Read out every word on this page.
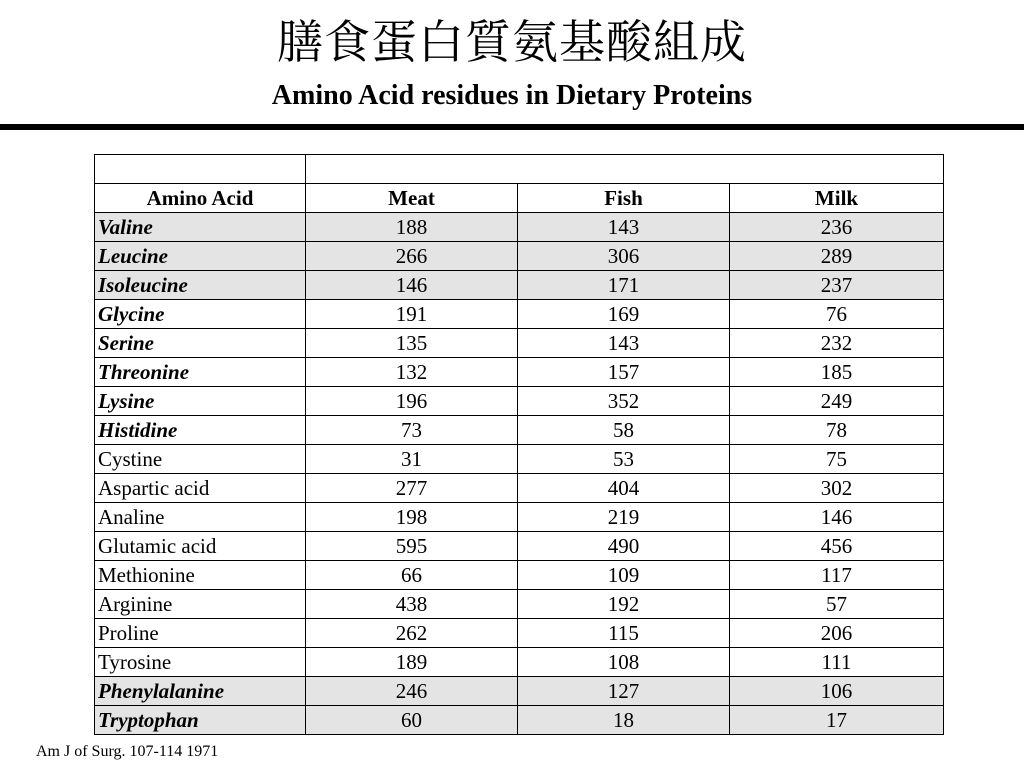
膳食蛋白質氨基酸組成
Amino Acid residues in Dietary Proteins

Amino Acid	Meat	Fish	Milk
Valine	188	143	236
Leucine	266	306	289
Isoleucine	146	171	237
Glycine	191	169	76
Serine	135	143	232
Threonine	132	157	185
Lysine	196	352	249
Histidine	73	58	78
Cystine	31	53	75
Aspartic acid	277	404	302
Analine	198	219	146
Glutamic acid	595	490	456
Methionine	66	109	117
Arginine	438	192	57
Proline	262	115	206
Tyrosine	189	108	111
Phenylalanine	246	127	106
Tryptophan	60	18	17
Am J of Surg. 107-114 1971
